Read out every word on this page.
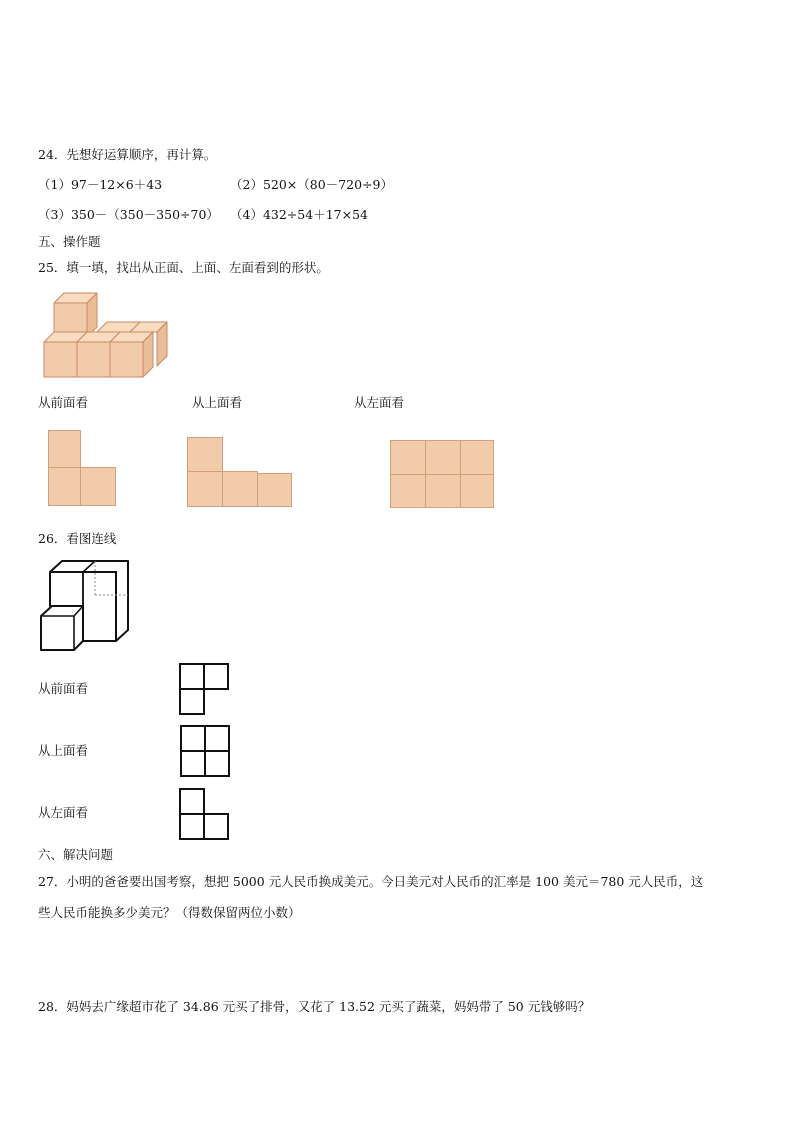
24．先想好运算顺序，再计算。
（1）97－12×6＋43	（2）520×（80－720÷9）
（3）350－（350－350÷70） （4）432÷54＋17×54
五、操作题
25．填一填，找出从正面、上面、左面看到的形状。
从前面看	从上面看	从左面看
26．看图连线
从前面看
从上面看
从左面看
六、解决问题
27．小明的爸爸要出国考察，想把 5000 元人民币换成美元。今日美元对人民币的汇率是 100 美元＝780 元人民币，这
些人民币能换多少美元？（得数保留两位小数）
28．妈妈去广缘超市花了 34.86 元买了排骨，又花了 13.52 元买了蔬菜，妈妈带了 50 元钱够吗？
